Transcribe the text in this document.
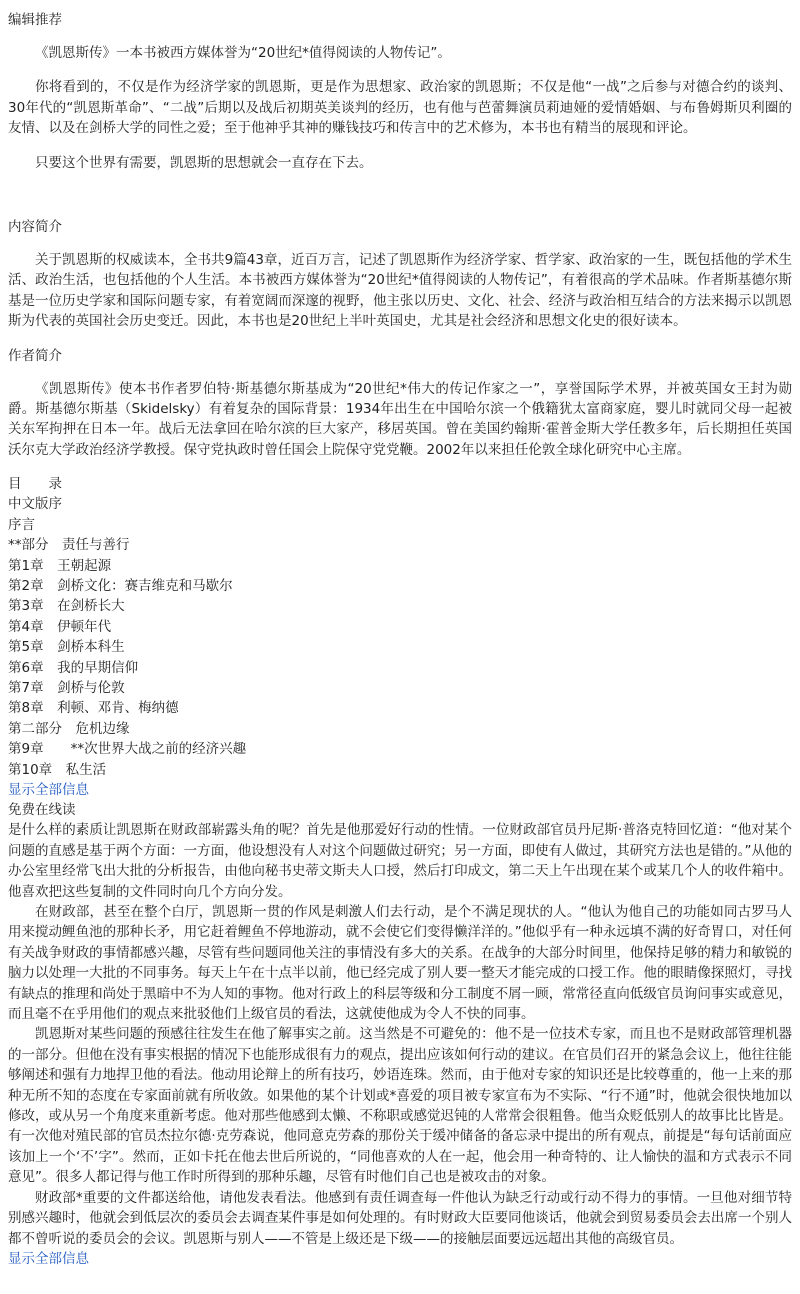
编辑推荐

《凯恩斯传》一本书被西方媒体誉为“20世纪*值得阅读的人物传记”。

你将看到的，不仅是作为经济学家的凯恩斯，更是作为思想家、政治家的凯恩斯；不仅是他“一战”之后参与对德合约的谈判、30年代的“凯恩斯革命”、“二战”后期以及战后初期英美谈判的经历，也有他与芭蕾舞演员莉迪娅的爱情婚姻、与布鲁姆斯贝利圈的友情、以及在剑桥大学的同性之爱；至于他神乎其神的赚钱技巧和传言中的艺术修为，本书也有精当的展现和评论。

只要这个世界有需要，凯恩斯的思想就会一直存在下去。

内容简介

关于凯恩斯的权威读本，全书共9篇43章，近百万言，记述了凯恩斯作为经济学家、哲学家、政治家的一生，既包括他的学术生活、政治生活，也包括他的个人生活。本书被西方媒体誉为“20世纪*值得阅读的人物传记”，有着很高的学术品味。作者斯基德尔斯基是一位历史学家和国际问题专家，有着宽阔而深邃的视野，他主张以历史、文化、社会、经济与政治相互结合的方法来揭示以凯恩斯为代表的英国社会历史变迁。因此，本书也是20世纪上半叶英国史，尤其是社会经济和思想文化史的很好读本。

作者简介

《凯恩斯传》使本书作者罗伯特·斯基德尔斯基成为“20世纪*伟大的传记作家之一”，享誉国际学术界，并被英国女王封为勋爵。斯基德尔斯基（Skidelsky）有着复杂的国际背景：1934年出生在中国哈尔滨一个俄籍犹太富商家庭，婴儿时就同父母一起被关东军拘押在日本一年。战后无法拿回在哈尔滨的巨大家产，移居英国。曾在美国约翰斯·霍普金斯大学任教多年，后长期担任英国沃尔克大学政治经济学教授。保守党执政时曾任国会上院保守党党鞭。2002年以来担任伦敦全球化研究中心主席。

目　　录

中文版序

序言

**部分　责任与善行

第1章　王朝起源

第2章　剑桥文化：赛吉维克和马歇尔

第3章　在剑桥长大

第4章　伊顿年代

第5章　剑桥本科生

第6章　我的早期信仰

第7章　剑桥与伦敦

第8章　利顿、邓肯、梅纳德

第二部分　危机边缘

第9章　　**次世界大战之前的经济兴趣

第10章　私生活

显示全部信息
免费在线读

是什么样的素质让凯恩斯在财政部崭露头角的呢？首先是他那爱好行动的性情。一位财政部官员丹尼斯·普洛克特回忆道：“他对某个问题的直感是基于两个方面：一方面，他设想没有人对这个问题做过研究；另一方面，即使有人做过，其研究方法也是错的。”从他的办公室里经常飞出大批的分析报告，由他向秘书史蒂文斯夫人口授，然后打印成文，第二天上午出现在某个或某几个人的收件箱中。他喜欢把这些复制的文件同时向几个方向分发。

在财政部，甚至在整个白厅，凯恩斯一贯的作风是刺激人们去行动，是个不满足现状的人。“他认为他自己的功能如同古罗马人用来搅动鲤鱼池的那种长矛，用它赶着鲤鱼不停地游动，就不会使它们变得懒洋洋的。”他似乎有一种永远填不满的好奇胃口，对任何有关战争财政的事情都感兴趣，尽管有些问题同他关注的事情没有多大的关系。在战争的大部分时间里，他保持足够的精力和敏锐的脑力以处理一大批的不同事务。每天上午在十点半以前，他已经完成了别人要一整天才能完成的口授工作。他的眼睛像探照灯，寻找有缺点的推理和尚处于黑暗中不为人知的事物。他对行政上的科层等级和分工制度不屑一顾，常常径直向低级官员询问事实或意见，而且毫不在乎用他们的观点来批驳他们上级官员的看法，这就使他成为令人不快的同事。

凯恩斯对某些问题的预感往往发生在他了解事实之前。这当然是不可避免的：他不是一位技术专家，而且也不是财政部管理机器的一部分。但他在没有事实根据的情况下也能形成很有力的观点，提出应该如何行动的建议。在官员们召开的紧急会议上，他往往能够阐述和强有力地捍卫他的看法。他动用论辩上的所有技巧，妙语连珠。然而，由于他对专家的知识还是比较尊重的，他一上来的那种无所不知的态度在专家面前就有所收敛。如果他的某个计划或*喜爱的项目被专家宣布为不实际、“行不通”时，他就会很快地加以修改，或从另一个角度来重新考虑。他对那些他感到太懒、不称职或感觉迟钝的人常常会很粗鲁。他当众贬低别人的故事比比皆是。有一次他对殖民部的官员杰拉尔德·克劳森说，他同意克劳森的那份关于缓冲储备的备忘录中提出的所有观点，前提是“每句话前面应该加上一个‘不’字”。然而，正如卡托在他去世后所说的，“同他喜欢的人在一起，他会用一种奇特的、让人愉快的温和方式表示不同意见”。很多人都记得与他工作时所得到的那种乐趣，尽管有时他们自己也是被攻击的对象。

财政部*重要的文件都送给他，请他发表看法。他感到有责任调查每一件他认为缺乏行动或行动不得力的事情。一旦他对细节特别感兴趣时，他就会到低层次的委员会去调查某件事是如何处理的。有时财政大臣要同他谈话，他就会到贸易委员会去出席一个别人都不曾听说的委员会的会议。凯恩斯与别人——不管是上级还是下级——的接触层面要远远超出其他的高级官员。

显示全部信息
